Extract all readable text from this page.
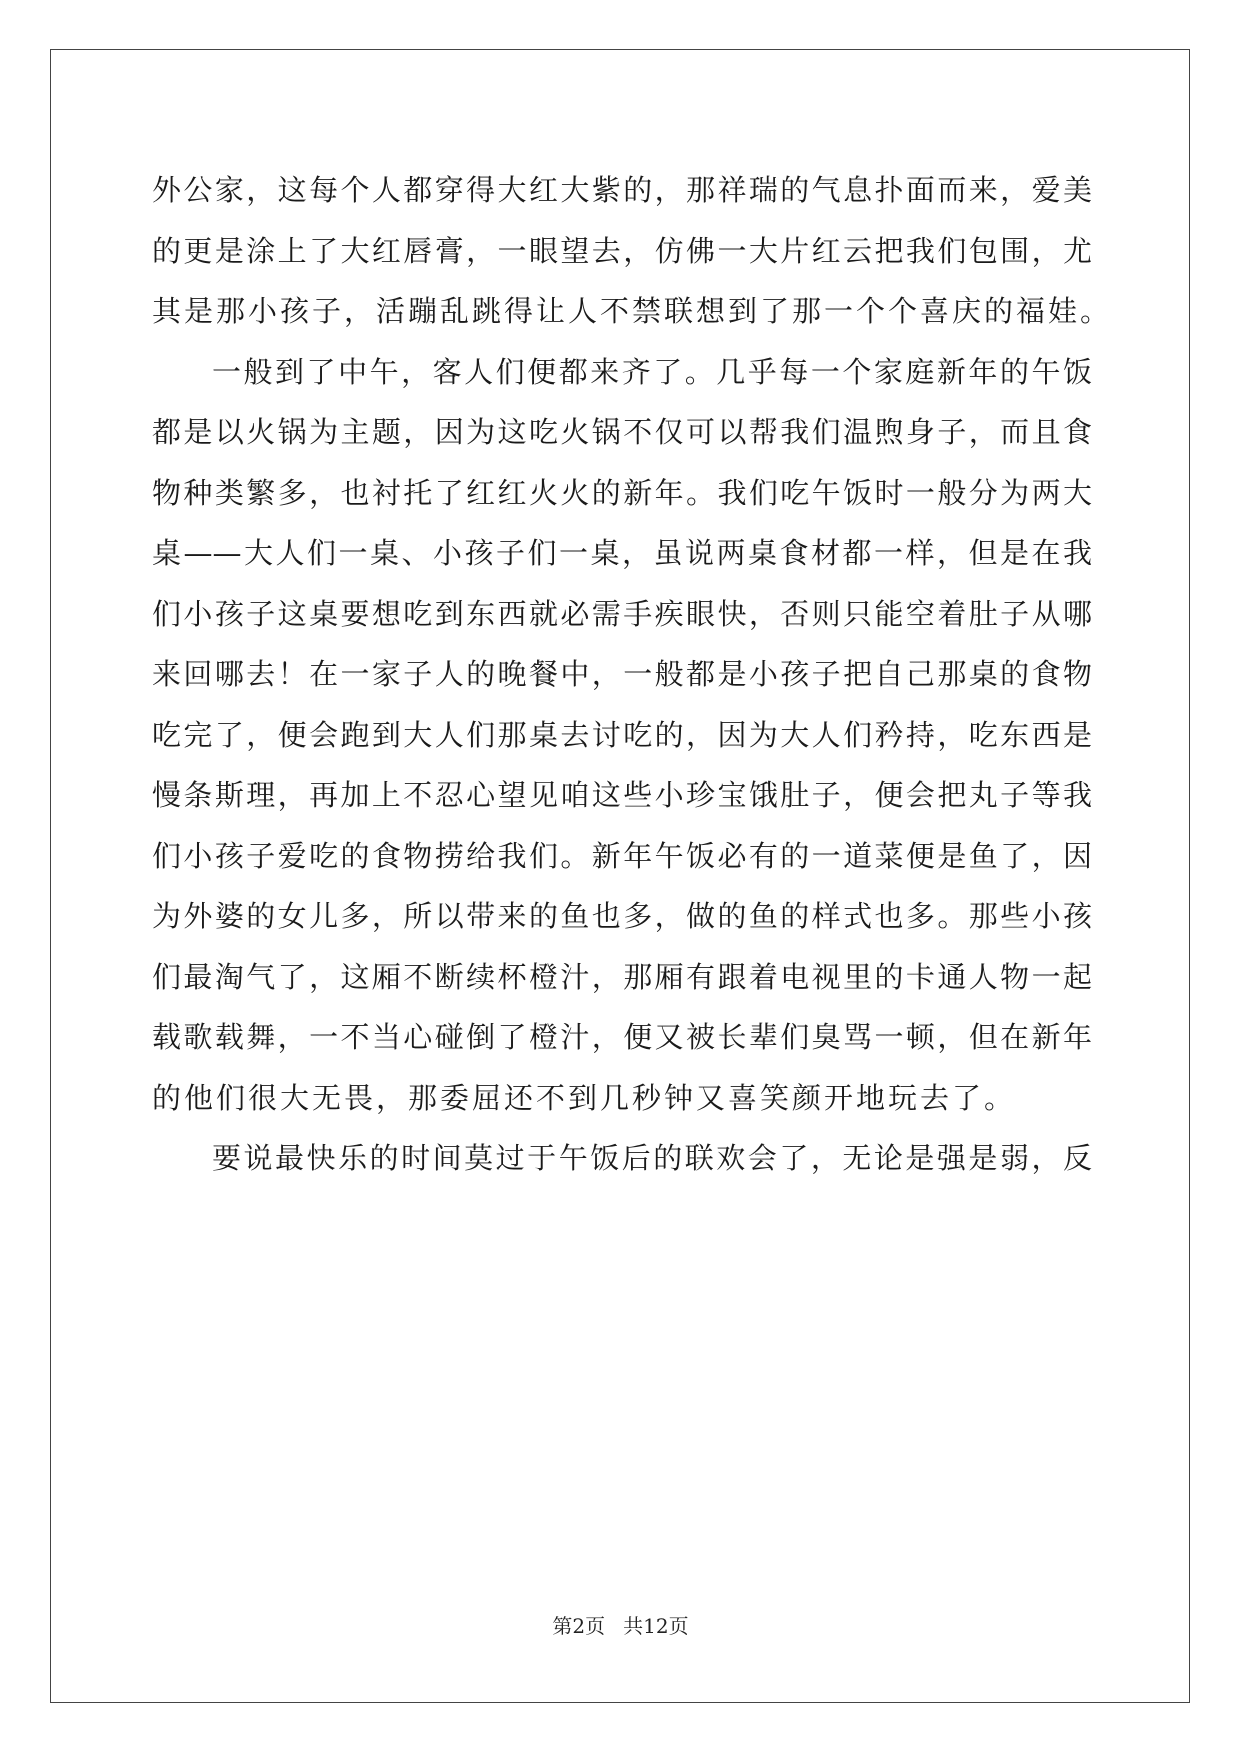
外公家，这每个人都穿得大红大紫的，那祥瑞的气息扑面而来，爱美
的更是涂上了大红唇膏，一眼望去，仿佛一大片红云把我们包围，尤
其是那小孩子，活蹦乱跳得让人不禁联想到了那一个个喜庆的福娃。
一般到了中午，客人们便都来齐了。几乎每一个家庭新年的午饭
都是以火锅为主题，因为这吃火锅不仅可以帮我们温煦身子，而且食
物种类繁多，也衬托了红红火火的新年。我们吃午饭时一般分为两大
桌——大人们一桌、小孩子们一桌，虽说两桌食材都一样，但是在我
们小孩子这桌要想吃到东西就必需手疾眼快，否则只能空着肚子从哪
来回哪去！在一家子人的晚餐中，一般都是小孩子把自己那桌的食物
吃完了，便会跑到大人们那桌去讨吃的，因为大人们矜持，吃东西是
慢条斯理，再加上不忍心望见咱这些小珍宝饿肚子，便会把丸子等我
们小孩子爱吃的食物捞给我们。新年午饭必有的一道菜便是鱼了，因
为外婆的女儿多，所以带来的鱼也多，做的鱼的样式也多。那些小孩
们最淘气了，这厢不断续杯橙汁，那厢有跟着电视里的卡通人物一起
载歌载舞，一不当心碰倒了橙汁，便又被长辈们臭骂一顿，但在新年
的他们很大无畏，那委屈还不到几秒钟又喜笑颜开地玩去了。
要说最快乐的时间莫过于午饭后的联欢会了，无论是强是弱，反
第2页 共12页
